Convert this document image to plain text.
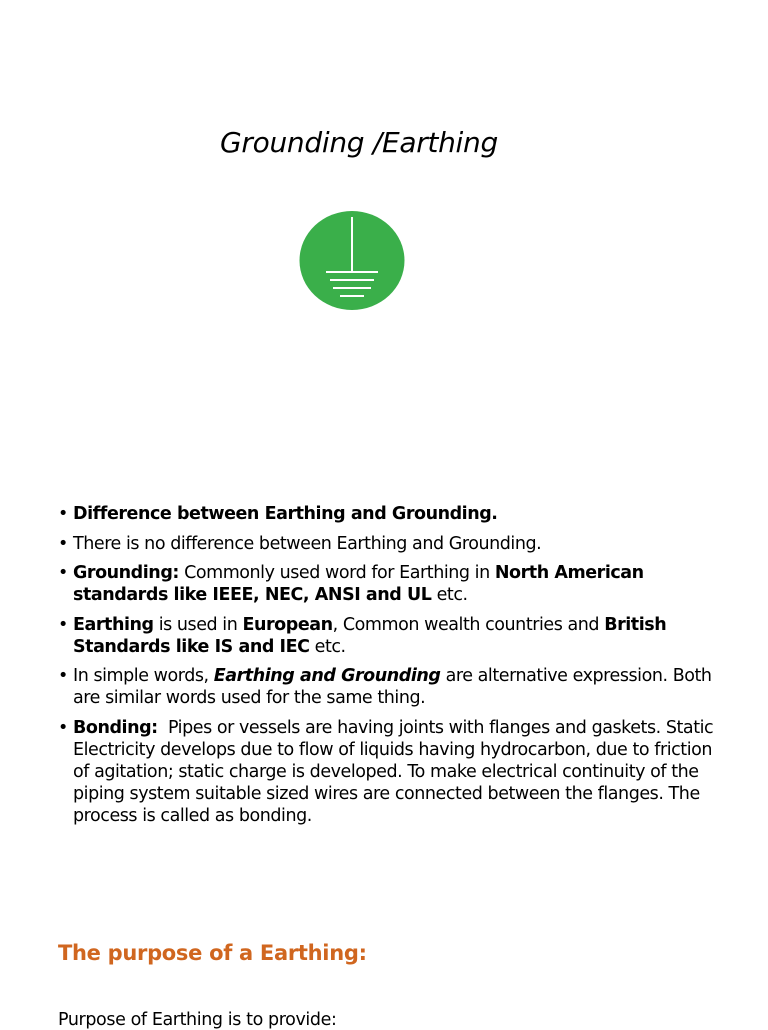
Grounding /Earthing
• Difference between Earthing and Grounding.
• There is no difference between Earthing and Grounding.
• Grounding: Commonly used word for Earthing in North American standards like IEEE, NEC, ANSI and UL etc.
• Earthing is used in European, Common wealth countries and British Standards like IS and IEC etc.
• In simple words, Earthing and Grounding are alternative expression. Both are similar words used for the same thing.
• Bonding:  Pipes or vessels are having joints with flanges and gaskets. Static Electricity develops due to flow of liquids having hydrocarbon, due to friction of agitation; static charge is developed. To make electrical continuity of the piping system suitable sized wires are connected between the flanges. The process is called as bonding.
The purpose of a Earthing:

Purpose of Earthing is to provide:
